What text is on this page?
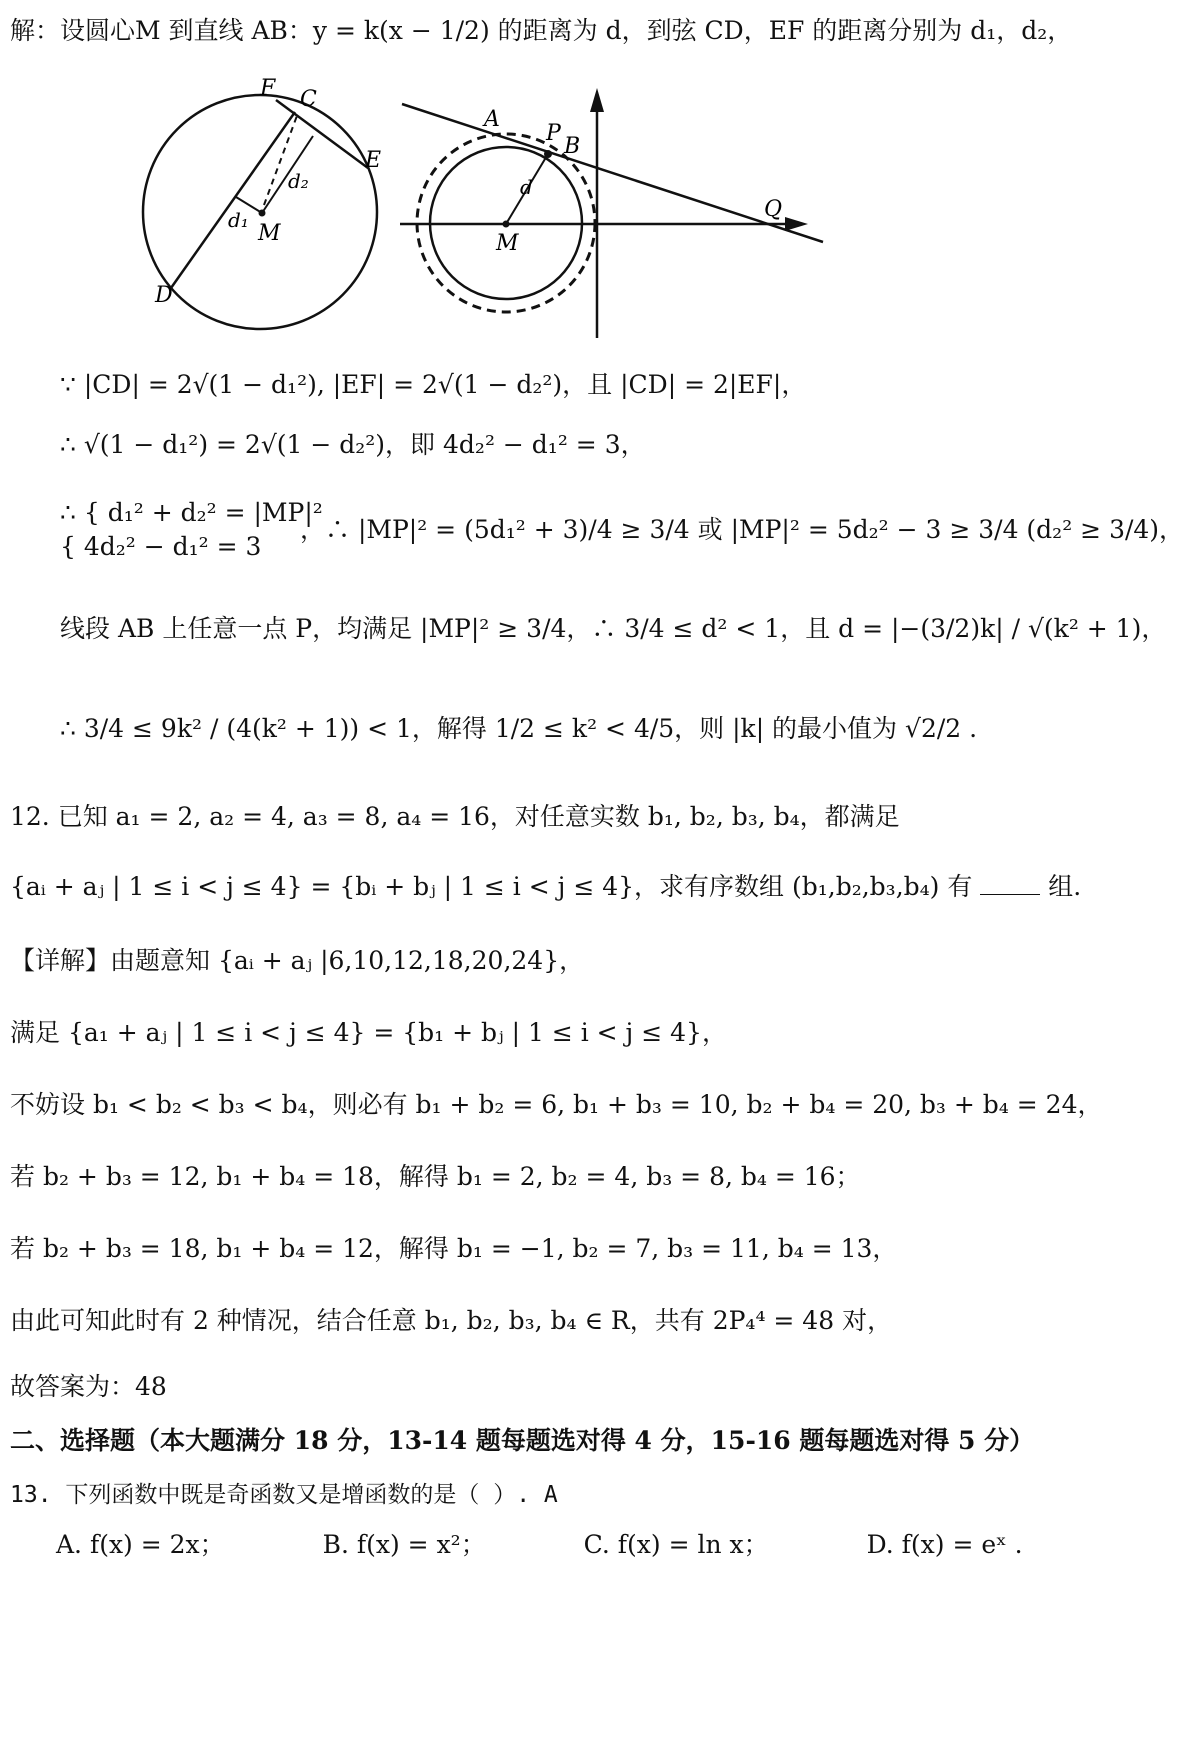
解：设圆心M 到直线 AB：y = k(x − 1/2) 的距离为 d，到弦 CD，EF 的距离分别为 d₁，d₂，
F C
E
D
M
d₁
d₂
A
P
B
Q
M
d
∵ |CD| = 2√(1 − d₁²), |EF| = 2√(1 − d₂²)，且 |CD| = 2|EF|，
∴ √(1 − d₁²) = 2√(1 − d₂²)，即 4d₂² − d₁² = 3，
∴ { d₁² + d₂² = |MP|²
{ 4d₂² − d₁² = 3
，∴ |MP|² = (5d₁² + 3)/4 ≥ 3/4 或 |MP|² = 5d₂² − 3 ≥ 3/4 (d₂² ≥ 3/4)，
线段 AB 上任意一点 P，均满足 |MP|² ≥ 3/4，∴ 3/4 ≤ d² < 1，且 d = |−(3/2)k| / √(k² + 1)，
∴ 3/4 ≤ 9k² / (4(k² + 1)) < 1，解得 1/2 ≤ k² < 4/5，则 |k| 的最小值为 √2/2 .
12. 已知 a₁ = 2, a₂ = 4, a₃ = 8, a₄ = 16，对任意实数 b₁, b₂, b₃, b₄，都满足
{aᵢ + aⱼ | 1 ≤ i < j ≤ 4} = {bᵢ + bⱼ | 1 ≤ i < j ≤ 4}，求有序数组 (b₁,b₂,b₃,b₄) 有	组.
【详解】由题意知 {aᵢ + aⱼ |6,10,12,18,20,24}，
满足 {a₁ + aⱼ | 1 ≤ i < j ≤ 4} = {b₁ + bⱼ | 1 ≤ i < j ≤ 4}，
不妨设 b₁ < b₂ < b₃ < b₄，则必有 b₁ + b₂ = 6, b₁ + b₃ = 10, b₂ + b₄ = 20, b₃ + b₄ = 24，
若 b₂ + b₃ = 12, b₁ + b₄ = 18，解得 b₁ = 2, b₂ = 4, b₃ = 8, b₄ = 16；
若 b₂ + b₃ = 18, b₁ + b₄ = 12，解得 b₁ = −1, b₂ = 7, b₃ = 11, b₄ = 13，
由此可知此时有 2 种情况，结合任意 b₁, b₂, b₃, b₄ ∈ R，共有 2P₄⁴ = 48 对，
故答案为：48
二、选择题（本大题满分 18 分，13-14 题每题选对得 4 分，15-16 题每题选对得 5 分）
13. 下列函数中既是奇函数又是增函数的是（ ）. A
A. f(x) = 2x；	B. f(x) = x²；	C. f(x) = ln x；	D. f(x) = eˣ .
